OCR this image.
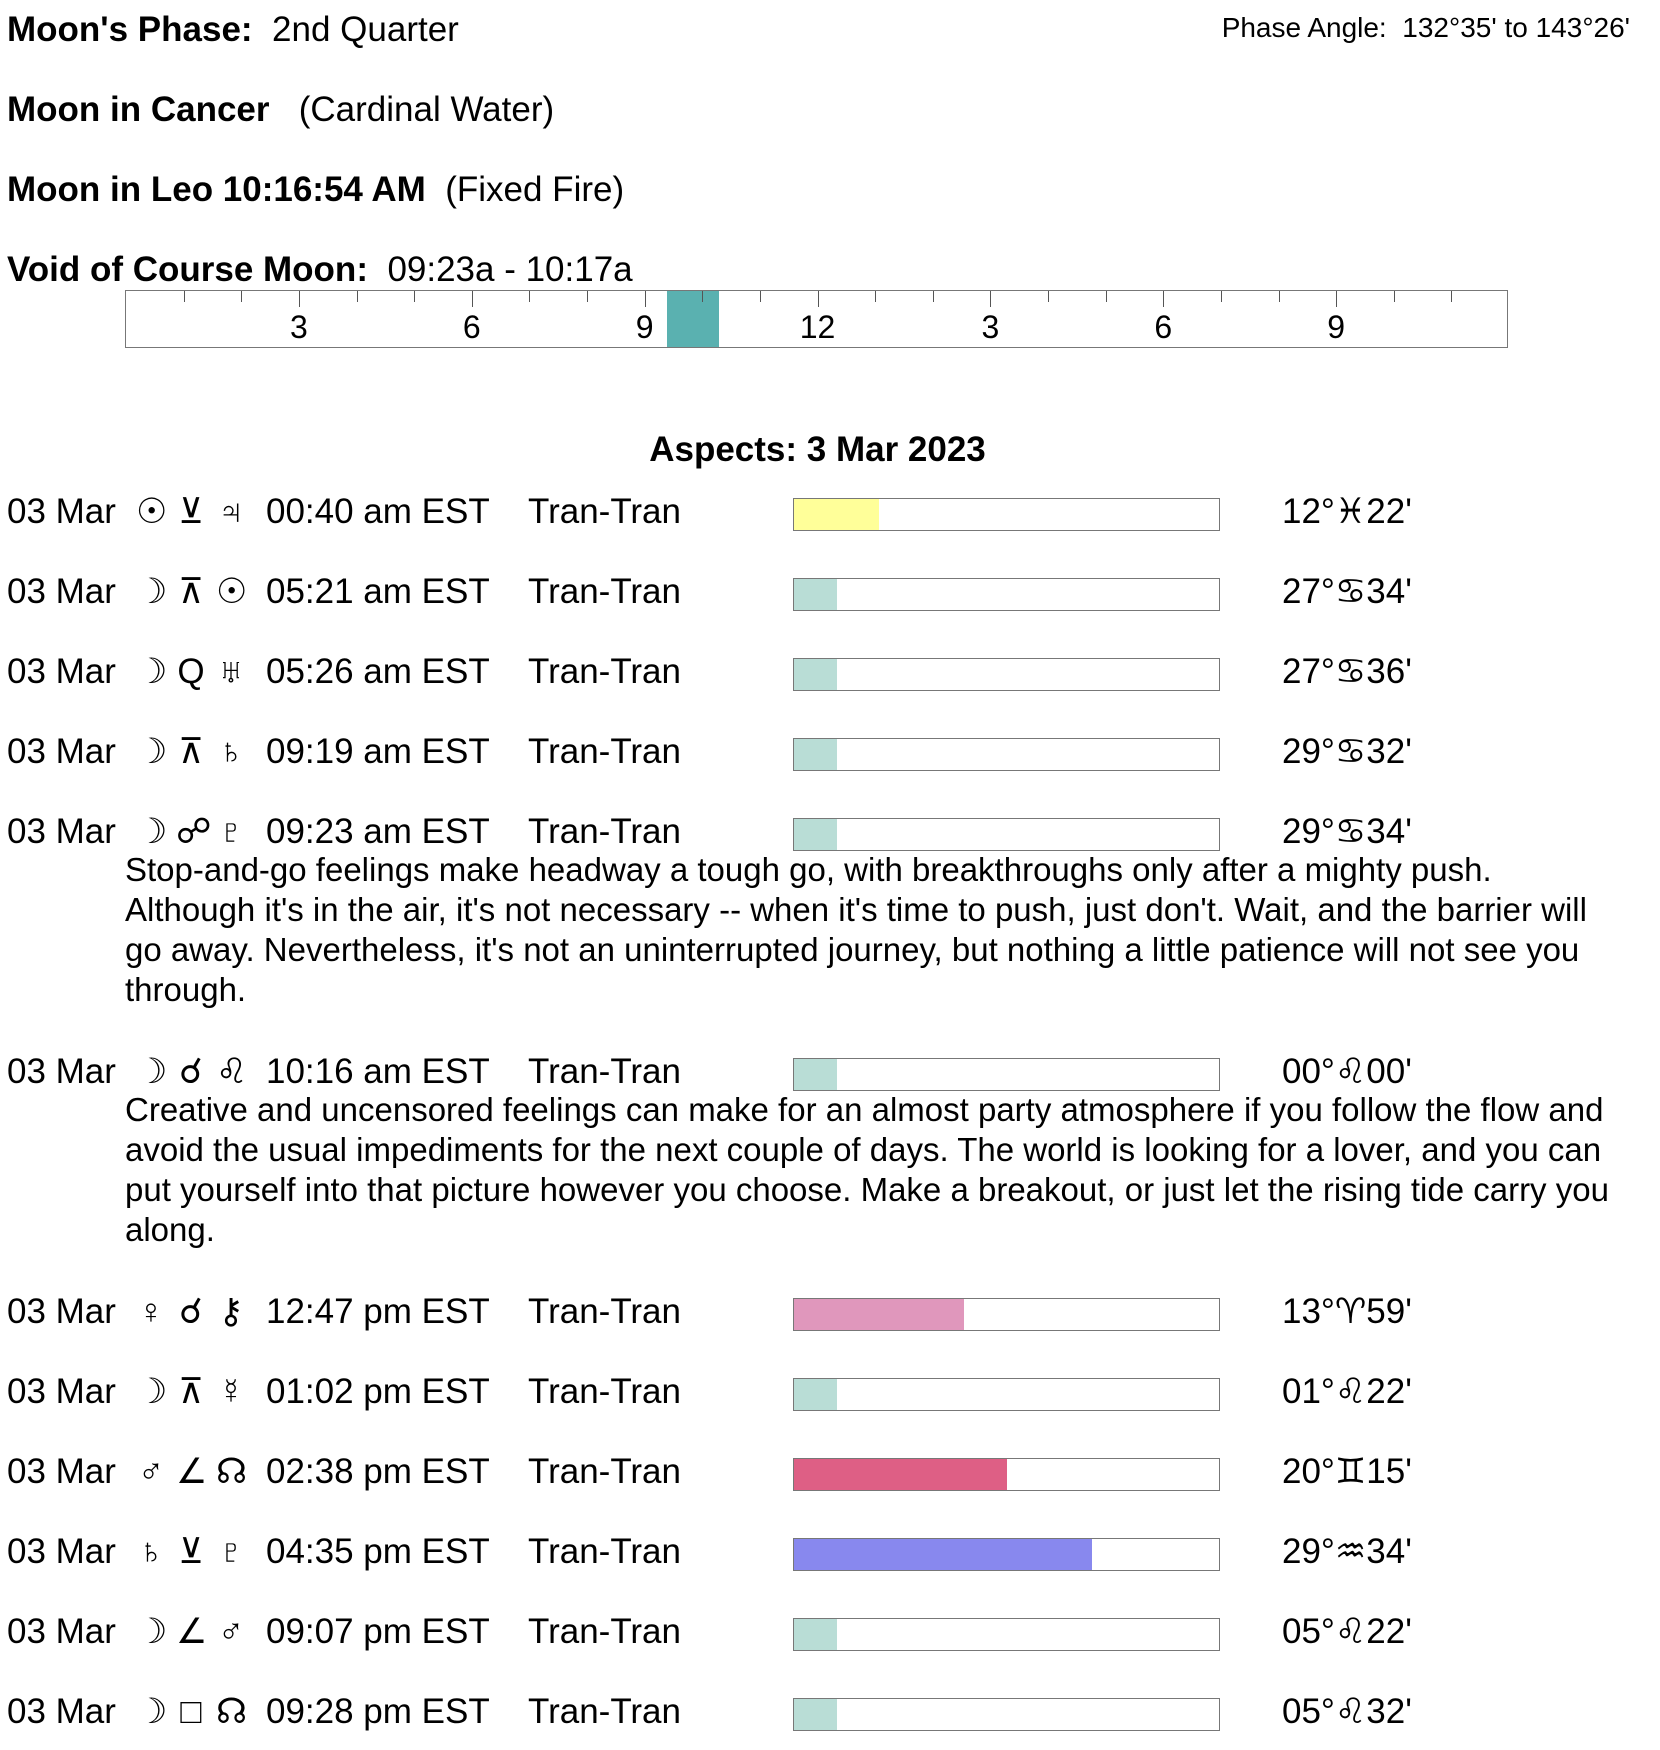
Moon's Phase: 2nd Quarter	Phase Angle: 132°35' to 143°26'
Moon in Cancer (Cardinal Water)
Moon in Leo 10:16:54 AM (Fixed Fire)
Void of Course Moon: 09:23a - 10:17a
3	6	9	12	3	6	9
Aspects: 3 Mar 2023
03 Mar ☉ ⊻ ♃ 00:40 am EST Tran-Tran	12°♓22'
03 Mar ☽ ⊼ ☉ 05:21 am EST Tran-Tran	27°♋34'
03 Mar ☽ Q ♅ 05:26 am EST Tran-Tran	27°♋36'
03 Mar ☽ ⊼ ♄ 09:19 am EST Tran-Tran	29°♋32'
03 Mar ☽ ☍ ♇ 09:23 am EST Tran-Tran	29°♋34'
Stop-and-go feelings make headway a tough go, with breakthroughs only after a mighty push. Although it's in the air, it's not necessary -- when it's time to push, just don't. Wait, and the barrier will go away. Nevertheless, it's not an uninterrupted journey, but nothing a little patience will not see you through.
03 Mar ☽ ☌ ♌ 10:16 am EST Tran-Tran	00°♌00'
Creative and uncensored feelings can make for an almost party atmosphere if you follow the flow and avoid the usual impediments for the next couple of days. The world is looking for a lover, and you can put yourself into that picture however you choose. Make a breakout, or just let the rising tide carry you along.
03 Mar ♀ ☌ ⚷ 12:47 pm EST Tran-Tran	13°♈59'
03 Mar ☽ ⊼ ☿ 01:02 pm EST Tran-Tran	01°♌22'
03 Mar ♂ ∠ ☊ 02:38 pm EST Tran-Tran	20°♊15'
03 Mar ♄ ⊻ ♇ 04:35 pm EST Tran-Tran	29°♒34'
03 Mar ☽ ∠ ♂ 09:07 pm EST Tran-Tran	05°♌22'
03 Mar ☽ □ ☊ 09:28 pm EST Tran-Tran	05°♌32'
